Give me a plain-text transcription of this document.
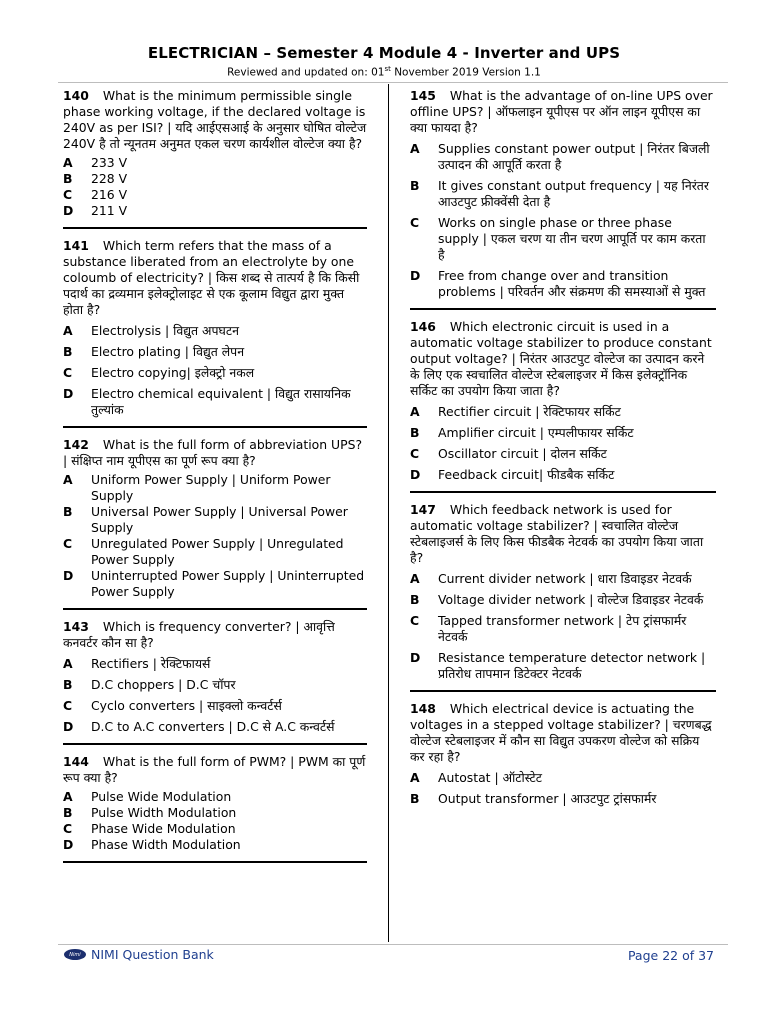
ELECTRICIAN – Semester 4 Module 4 - Inverter and UPS
Reviewed and updated on: 01st November 2019 Version 1.1
140 What is the minimum permissible single phase working voltage, if the declared voltage is 240V as per ISI? | यदि आईएसआई के अनुसार घोषित वोल्टेज 240V है तो न्यूनतम अनुमत एकल चरण कार्यशील वोल्टेज क्या है?
A	233 V
B	228 V
C	216 V
D	211 V
141 Which term refers that the mass of a substance liberated from an electrolyte by one coloumb of electricity? | किस शब्द से तात्पर्य है कि किसी पदार्थ का द्रव्यमान इलेक्ट्रोलाइट से एक कूलाम विद्युत द्वारा मुक्त होता है?
A	Electrolysis | विद्युत अपघटन
B	Electro plating | विद्युत लेपन
C	Electro copying| इलेक्ट्रो नकल
D	Electro chemical equivalent | विद्युत रासायनिक तुल्यांक
142 What is the full form of abbreviation UPS? | संक्षिप्त नाम यूपीएस का पूर्ण रूप क्या है?
A	Uniform Power Supply | Uniform Power Supply
B	Universal Power Supply | Universal Power Supply
C	Unregulated Power Supply | Unregulated Power Supply
D	Uninterrupted Power Supply | Uninterrupted Power Supply
143 Which is frequency converter? | आवृत्ति कनवर्टर कौन सा है?
A	Rectifiers | रेक्टिफायर्स
B	D.C choppers | D.C चॉपर
C	Cyclo converters | साइक्लो कन्वर्टर्स
D	D.C to A.C converters | D.C से A.C कन्वर्टर्स
144 What is the full form of PWM? | PWM का पूर्ण रूप क्या है?
A	Pulse Wide Modulation
B	Pulse Width Modulation
C	Phase Wide Modulation
D	Phase Width Modulation
145 What is the advantage of on-line UPS over offline UPS? | ऑफलाइन यूपीएस पर ऑन लाइन यूपीएस का क्या फायदा है?
A	Supplies constant power output | निरंतर बिजली उत्पादन की आपूर्ति करता है
B	It gives constant output frequency | यह निरंतर आउटपुट फ्रीक्वेंसी देता है
C	Works on single phase or three phase supply | एकल चरण या तीन चरण आपूर्ति पर काम करता है
D	Free from change over and transition problems | परिवर्तन और संक्रमण की समस्याओं से मुक्त
146 Which electronic circuit is used in a automatic voltage stabilizer to produce constant output voltage? | निरंतर आउटपुट वोल्टेज का उत्पादन करने के लिए एक स्वचालित वोल्टेज स्टेबलाइजर में किस इलेक्ट्रॉनिक सर्किट का उपयोग किया जाता है?
A	Rectifier circuit | रेक्टिफायर सर्किट
B	Amplifier circuit | एम्पलीफायर सर्किट
C	Oscillator circuit | दोलन सर्किट
D	Feedback circuit| फीडबैक सर्किट
147 Which feedback network is used for automatic voltage stabilizer? | स्वचालित वोल्टेज स्टेबलाइजर्स के लिए किस फीडबैक नेटवर्क का उपयोग किया जाता है?
A	Current divider network | धारा डिवाइडर नेटवर्क
B	Voltage divider network | वोल्टेज डिवाइडर नेटवर्क
C	Tapped transformer network | टेप ट्रांसफार्मर नेटवर्क
D	Resistance temperature detector network | प्रतिरोध तापमान डिटेक्टर नेटवर्क
148 Which electrical device is actuating the voltages in a stepped voltage stabilizer? | चरणबद्ध वोल्टेज स्टेबलाइजर में कौन सा विद्युत उपकरण वोल्टेज को सक्रिय कर रहा है?
A	Autostat | ऑटोस्टेट
B	Output transformer | आउटपुट ट्रांसफार्मर
Nimi NIMI Question Bank	Page 22 of 37
